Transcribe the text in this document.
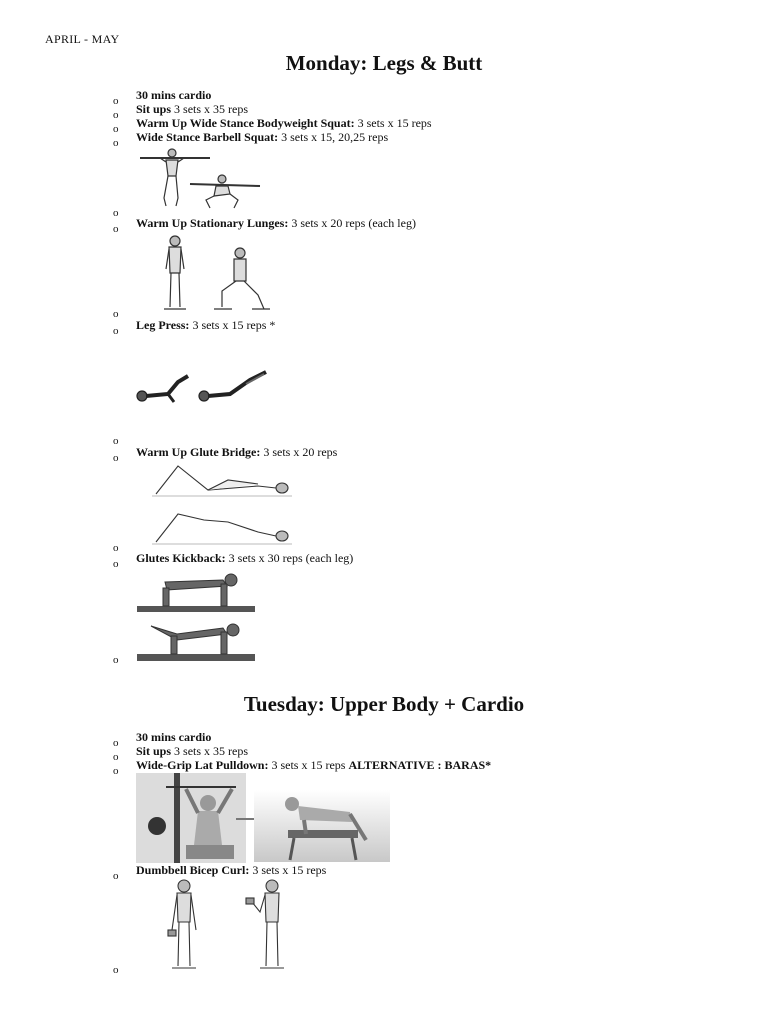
APRIL - MAY
Monday: Legs & Butt
o 30 mins cardio
o Sit ups 3 sets x 35 reps
o Warm Up Wide Stance Bodyweight Squat: 3 sets x 15 reps
o Wide Stance Barbell Squat: 3 sets x 15, 20,25 reps
o
o Warm Up Stationary Lunges: 3 sets x 20 reps (each leg)
o
o Leg Press: 3 sets x 15 reps *
o
o Warm Up Glute Bridge: 3 sets x 20 reps
o
o Glutes Kickback: 3 sets x 30 reps (each leg)
o
Tuesday: Upper Body + Cardio
o 30 mins cardio
o Sit ups 3 sets x 35 reps
o Wide-Grip Lat Pulldown: 3 sets x 15 reps ALTERNATIVE : BARAS*
o Dumbbell Bicep Curl: 3 sets x 15 reps
o
